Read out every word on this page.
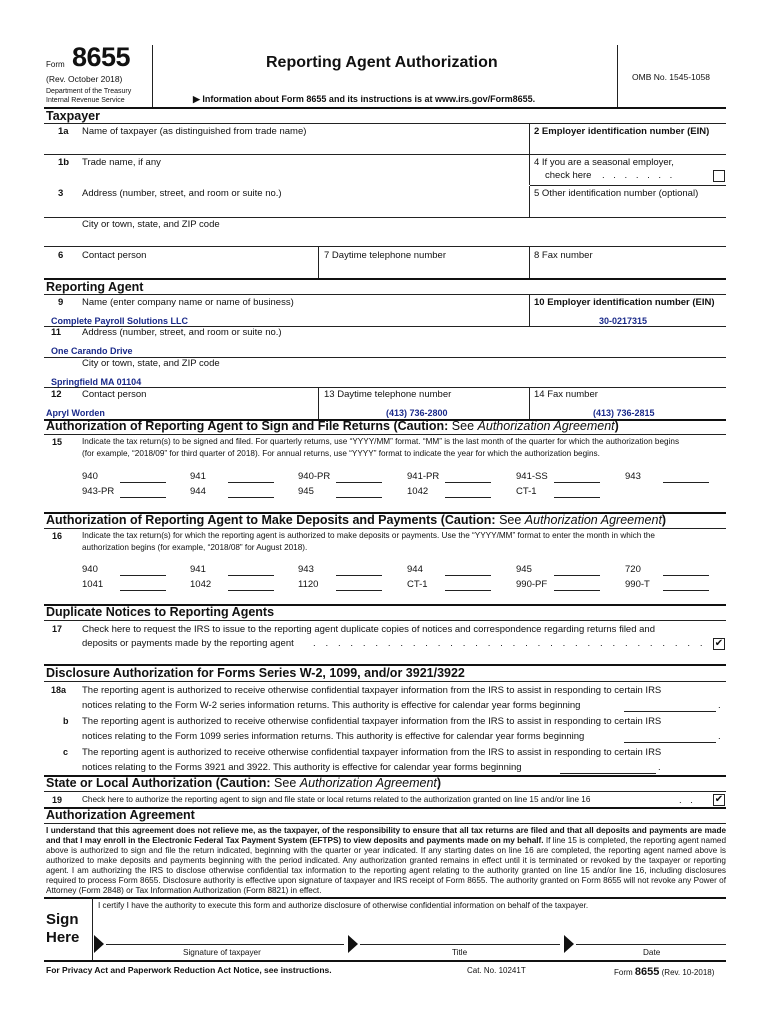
Form 8655
(Rev. October 2018)
Department of the Treasury
Internal Revenue Service
Reporting Agent Authorization
▶ Information about Form 8655 and its instructions is at www.irs.gov/Form8655.
OMB No. 1545-1058
Taxpayer
1a Name of taxpayer (as distinguished from trade name)	2 Employer identification number (EIN)
1b Trade name, if any	4 If you are a seasonal employer,
check here . . . . . . .
3 Address (number, street, and room or suite no.)	5 Other identification number (optional)
City or town, state, and ZIP code
6 Contact person	7 Daytime telephone number	8 Fax number
Reporting Agent
9 Name (enter company name or name of business)	10 Employer identification number (EIN)
Complete Payroll Solutions LLC	30-0217315
11 Address (number, street, and room or suite no.)
One Carando Drive
City or town, state, and ZIP code
Springfield MA 01104
12 Contact person	13 Daytime telephone number	14 Fax number
Apryl Worden	(413) 736-2800	(413) 736-2815
Authorization of Reporting Agent to Sign and File Returns (Caution: See Authorization Agreement)
15 Indicate the tax return(s) to be signed and filed. For quarterly returns, use “YYYY/MM” format. “MM” is the last month of the quarter for which the authorization begins
(for example, “2018/09” for third quarter of 2018). For annual returns, use “YYYY” format to indicate the year for which the authorization begins.
940	941	940-PR	941-PR	941-SS	943
943-PR	944	945	1042	CT-1
Authorization of Reporting Agent to Make Deposits and Payments (Caution: See Authorization Agreement)
16 Indicate the tax return(s) for which the reporting agent is authorized to make deposits or payments. Use the “YYYY/MM” format to enter the month in which the
authorization begins (for example, “2018/08” for August 2018).
940	941	943	944	945	720
1041	1042	1120	CT-1	990-PF	990-T
Duplicate Notices to Reporting Agents
17 Check here to request the IRS to issue to the reporting agent duplicate copies of notices and correspondence regarding returns filed and
deposits or payments made by the reporting agent . . . . . . . . . . . . . . . . . . . . . . . . . . . . . . . . ✔
Disclosure Authorization for Forms Series W-2, 1099, and/or 3921/3922
18a The reporting agent is authorized to receive otherwise confidential taxpayer information from the IRS to assist in responding to certain IRS
notices relating to the Form W-2 series information returns. This authority is effective for calendar year forms beginning	.
b The reporting agent is authorized to receive otherwise confidential taxpayer information from the IRS to assist in responding to certain IRS
notices relating to the Form 1099 series information returns. This authority is effective for calendar year forms beginning	.
c The reporting agent is authorized to receive otherwise confidential taxpayer information from the IRS to assist in responding to certain IRS
notices relating to the Forms 3921 and 3922. This authority is effective for calendar year forms beginning	.
State or Local Authorization (Caution: See Authorization Agreement)
19 Check here to authorize the reporting agent to sign and file state or local returns related to the authorization granted on line 15 and/or line 16	. . ✔
Authorization Agreement
I understand that this agreement does not relieve me, as the taxpayer, of the responsibility to ensure that all tax returns are filed and that all deposits and payments are made and that I may enroll in the Electronic Federal Tax Payment System (EFTPS) to view deposits and payments made on my behalf. If line 15 is completed, the reporting agent named above is authorized to sign and file the return indicated, beginning with the quarter or year indicated. If any starting dates on line 16 are completed, the reporting agent named above is authorized to make deposits and payments beginning with the period indicated. Any authorization granted remains in effect until it is terminated or revoked by the taxpayer or reporting agent. I am authorizing the IRS to disclose otherwise confidential tax information to the reporting agent relating to the authority granted on line 15 and/or line 16, including disclosures required to process Form 8655. Disclosure authority is effective upon signature of taxpayer and IRS receipt of Form 8655. The authority granted on Form 8655 will not revoke any Power of Attorney (Form 2848) or Tax Information Authorization (Form 8821) in effect.
Sign
Here
I certify I have the authority to execute this form and authorize disclosure of otherwise confidential information on behalf of the taxpayer.
Signature of taxpayer	Title	Date
For Privacy Act and Paperwork Reduction Act Notice, see instructions.	Cat. No. 10241T	Form 8655 (Rev. 10-2018)
